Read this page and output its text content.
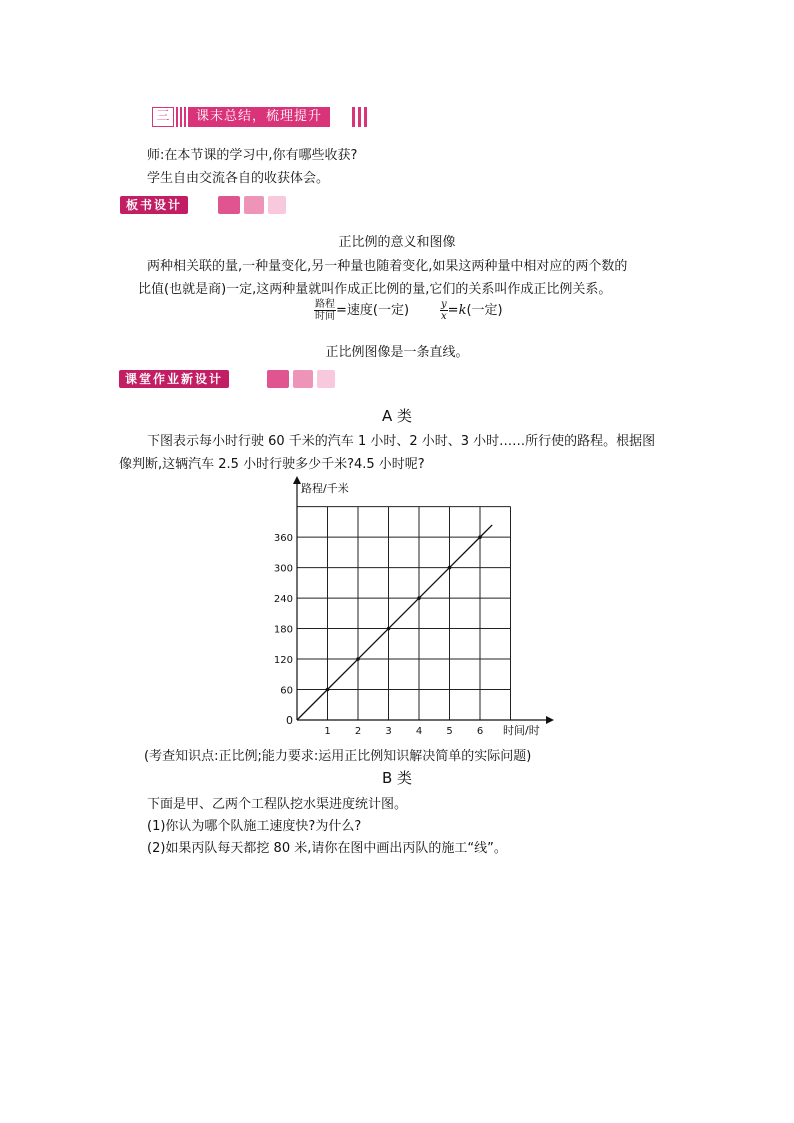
三	课末总结，梳理提升
师:在本节课的学习中,你有哪些收获?
学生自由交流各自的收获体会。
板书设计
正比例的意义和图像
两种相关联的量,一种量变化,另一种量也随着变化,如果这两种量中相对应的两个数的
比值(也就是商)一定,这两种量就叫作成正比例的量,它们的关系叫作成正比例关系。
$\frac{\text{路程}}{\text{时间}}$ =速度(一定)	$\frac{y}{x} =k$(一定)
正比例图像是一条直线。
课堂作业新设计
A 类
下图表示每小时行驶 60 千米的汽车 1 小时、2 小时、3 小时……所行使的路程。根据图
像判断,这辆汽车 2.5 小时行驶多少千米?4.5 小时呢?
路程/千米
时间/时
0
1 2 3 4 5 6
60
120
180
240
300
360
(考查知识点:正比例;能力要求:运用正比例知识解决简单的实际问题)
B 类
下面是甲、乙两个工程队挖水渠进度统计图。
(1)你认为哪个队施工速度快?为什么?
(2)如果丙队每天都挖 80 米,请你在图中画出丙队的施工“线”。
